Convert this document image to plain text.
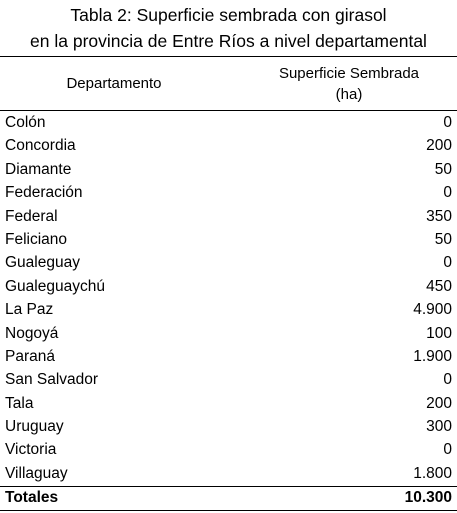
Tabla 2: Superficie sembrada con girasol
en la provincia de Entre Ríos a nivel departamental
Departamento
Superficie Sembrada
(ha)
Colón	0
Concordia	200
Diamante	50
Federación	0
Federal	350
Feliciano	50
Gualeguay	0
Gualeguaychú	450
La Paz	4.900
Nogoyá	100
Paraná	1.900
San Salvador	0
Tala	200
Uruguay	300
Victoria	0
Villaguay	1.800
Totales	10.300
